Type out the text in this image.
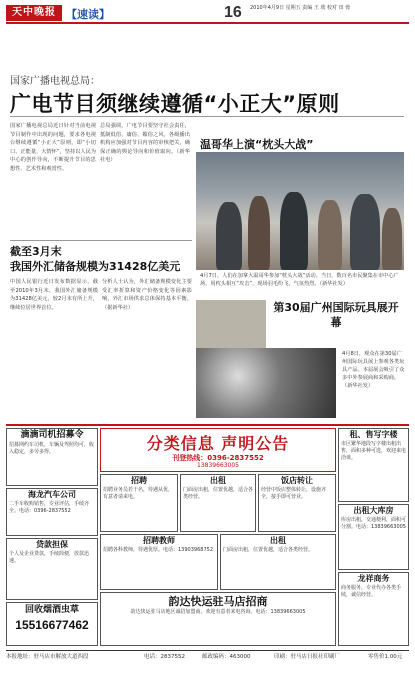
天中晚报 【速读】	16 2010年4月9日 星期五 责编 王 琰 校对 田 蓉
国家广播电视总局：
广电节目须继续遵循“小正大”原则
国家广播电视总局近日针对当前电视节目制作中出现的问题，要求各电视台继续遵循“小正大”原则，即“小切口、正能量、大情怀”，坚持以人民为中心的创作导向，不断提升节目的思想性、艺术性和观赏性。
总局强调，广电节目要坚守社会责任，抵制低俗、庸俗、媚俗之风，各级播出机构应加强对节目内容的审核把关，确保正确的舆论导向和价值取向。（新华社电）
温哥华上演“枕头大战”
4月7日，人们在加拿大温哥华参加“枕头大战”活动。当日，数百名市民聚集在市中心广场，用枕头相互“攻击”，现场羽毛纷飞，气氛热烈。（新华社发）
截至3月末
我国外汇储备规模为31428亿美元
中国人民银行近日发布数据显示，截至2010年3月末，我国外汇储备规模为31428亿美元，较2月末有所上升，继续位居世界首位。
分析人士认为，外汇储备规模变化主要受汇率折算和资产价格变化等因素影响，外汇市场供求总体保持基本平衡。（据新华社）	第30届广州国际玩具展开幕
4月8日，观众在第30届广州国际玩具展上参观各类玩具产品。本届展会吸引了众多中外参展商和采购商。（新华社发）
分类信息 声明公告
刊登热线：0396-2837552
13839663005
滴滴司机招募令
招募网约车司机，车辆及驾照均可，收入稳定，多劳多得。
海龙汽车公司
二手车收购销售，专业评估，手续齐全。电话：0396-2837552
贷款担保
个人及企业贷款，手续简便，放款迅速。
回收烟酒虫草
15516677462
招聘
招聘业务员若干名，待遇从优，有意者请来电。
出租
门面房出租，位置优越，适合各类经营。
饭店转让
经营中饭店整体转让，设施齐全，接手即可营业。
招聘教师
招聘各科教师，待遇优厚。电话：13903968752
出租
门面房出租，位置优越，适合各类经营。
韵达快运驻马店招商
韵达快运驻马店地区诚招加盟商，欢迎有意者来电咨询。电话：13839663005
租、售写字楼
市区繁华地段写字楼出租出售，面积多种可选，欢迎来电洽谈。
出租大库房
库房出租，交通便利，面积可分割。电话：13839663005
龙祥商务
商务服务，专业代办各类手续，诚信经营。
本报地址：驻马店市解放大道西段	电话：2837552	邮政编码：463000	印刷：驻马店日报社印刷厂	零售价1.00元
